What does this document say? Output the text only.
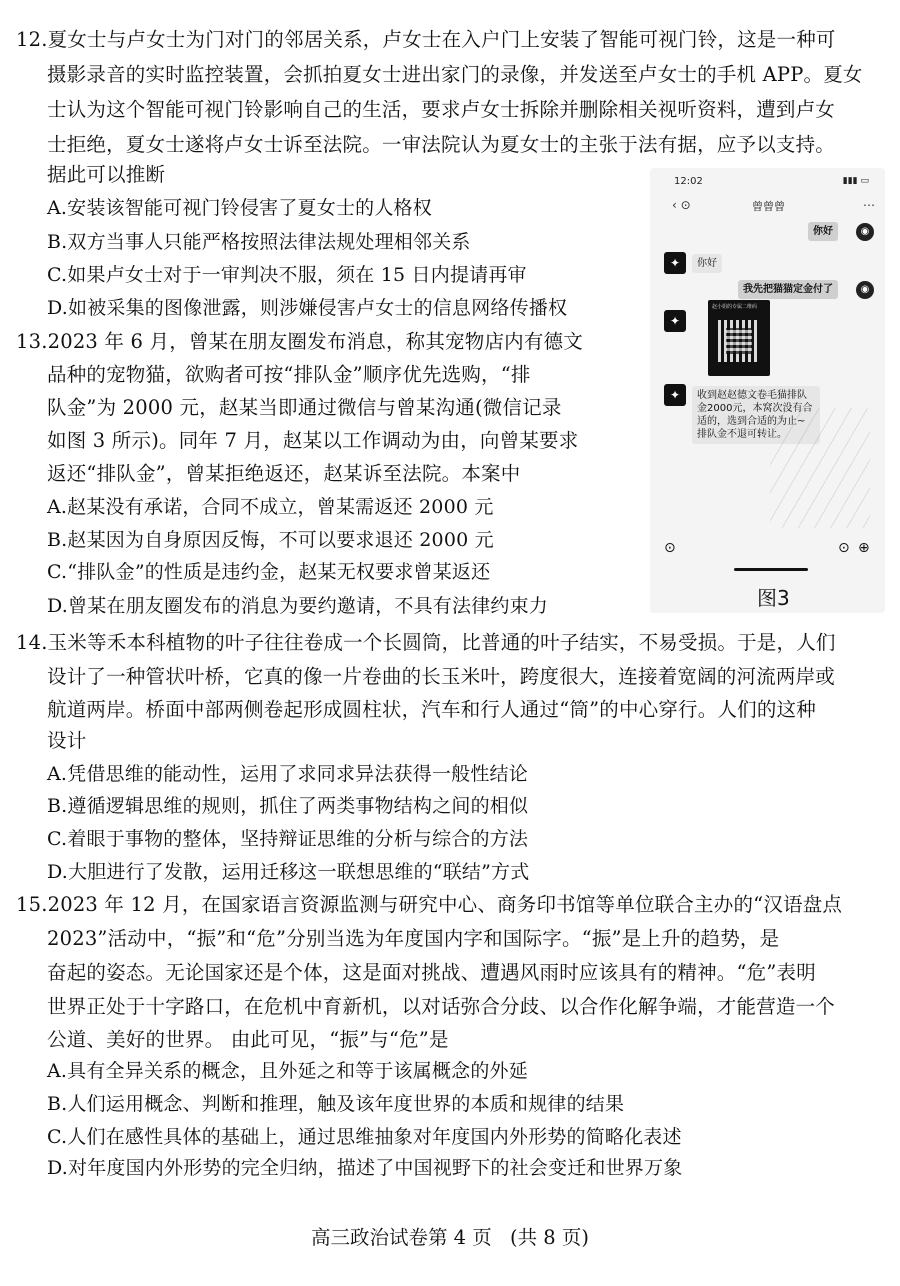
12.夏女士与卢女士为门对门的邻居关系，卢女士在入户门上安装了智能可视门铃，这是一种可
摄影录音的实时监控装置，会抓拍夏女士进出家门的录像，并发送至卢女士的手机 APP。夏女
士认为这个智能可视门铃影响自己的生活，要求卢女士拆除并删除相关视听资料，遭到卢女
士拒绝，夏女士遂将卢女士诉至法院。一审法院认为夏女士的主张于法有据，应予以支持。
据此可以推断
A.安装该智能可视门铃侵害了夏女士的人格权
B.双方当事人只能严格按照法律法规处理相邻关系
C.如果卢女士对于一审判决不服，须在 15 日内提请再审
D.如被采集的图像泄露，则涉嫌侵害卢女士的信息网络传播权
13.2023 年 6 月，曾某在朋友圈发布消息，称其宠物店内有德文
品种的宠物猫，欲购者可按“排队金”顺序优先选购，“排
队金”为 2000 元，赵某当即通过微信与曾某沟通(微信记录
如图 3 所示)。同年 7 月，赵某以工作调动为由，向曾某要求
返还“排队金”，曾某拒绝返还，赵某诉至法院。本案中
A.赵某没有承诺，合同不成立，曾某需返还 2000 元
B.赵某因为自身原因反悔，不可以要求退还 2000 元
C.“排队金”的性质是违约金，赵某无权要求曾某返还
D.曾某在朋友圈发布的消息为要约邀请，不具有法律约束力
12:02	▮▮▮ ▭
‹ ⊙	曾曾曾	⋯
你好	◉
✦	你好
我先把猫猫定金付了	◉
✦
赵小姐的专属二维码
✦	收到赵赵德文卷毛猫排队金2000元，本窝次没有合适的，选到合适的为止~排队金不退可转让。
⊙	⊙ ⊕
图3
14.玉米等禾本科植物的叶子往往卷成一个长圆筒，比普通的叶子结实，不易受损。于是，人们
设计了一种管状叶桥，它真的像一片卷曲的长玉米叶，跨度很大，连接着宽阔的河流两岸或
航道两岸。桥面中部两侧卷起形成圆柱状，汽车和行人通过“筒”的中心穿行。人们的这种
设计
A.凭借思维的能动性，运用了求同求异法获得一般性结论
B.遵循逻辑思维的规则，抓住了两类事物结构之间的相似
C.着眼于事物的整体，坚持辩证思维的分析与综合的方法
D.大胆进行了发散，运用迁移这一联想思维的“联结”方式
15.2023 年 12 月，在国家语言资源监测与研究中心、商务印书馆等单位联合主办的“汉语盘点
2023”活动中，“振”和“危”分别当选为年度国内字和国际字。“振”是上升的趋势，是
奋起的姿态。无论国家还是个体，这是面对挑战、遭遇风雨时应该具有的精神。“危”表明
世界正处于十字路口，在危机中育新机，以对话弥合分歧、以合作化解争端，才能营造一个
公道、美好的世界。 由此可见，“振”与“危”是
A.具有全异关系的概念，且外延之和等于该属概念的外延
B.人们运用概念、判断和推理，触及该年度世界的本质和规律的结果
C.人们在感性具体的基础上，通过思维抽象对年度国内外形势的简略化表述
D.对年度国内外形势的完全归纳，描述了中国视野下的社会变迁和世界万象
高三政治试卷第 4 页 (共 8 页)
